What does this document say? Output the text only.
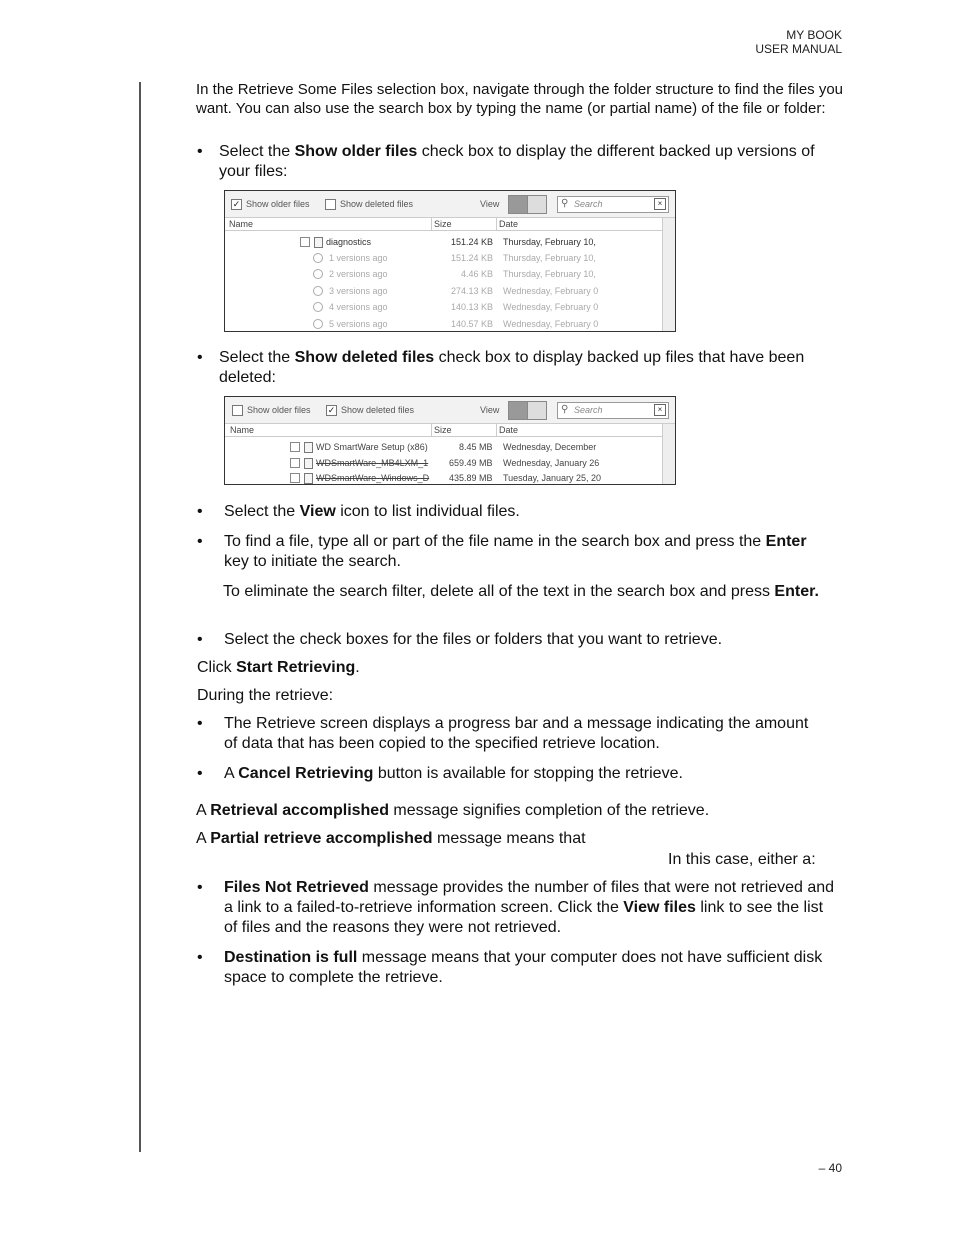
MY BOOK
USER MANUAL

In the Retrieve Some Files selection box, navigate through the folder structure to find the files you want. You can also use the search box by typing the name (or partial name) of the file or folder:

• Select the Show older files check box to display the different backed up versions of your files:
✓ Show older files	Show deleted files	View	⚲ Search	×
Name	Size	Date
diagnostics	151.24 KB Thursday, February 10,
1 versions ago	151.24 KB Thursday, February 10,
2 versions ago	4.46 KB Thursday, February 10,
3 versions ago	274.13 KB Wednesday, February 0
4 versions ago	140.13 KB Wednesday, February 0
5 versions ago	140.57 KB Wednesday, February 0
• Select the Show deleted files check box to display backed up files that have been deleted:
Show older files ✓ Show deleted files	View	⚲ Search	×
Name	Size	Date
WD SmartWare Setup (x86)	8.45 MB Wednesday, December
WDSmartWare_MB4LXM_1 659.49 MB Wednesday, January 26
WDSmartWare_Windows_D 435.89 MB Tuesday, January 25, 20
• Select the View icon to list individual files.
• To find a file, type all or part of the file name in the search box and press the Enter key to initiate the search.

To eliminate the search filter, delete all of the text in the search box and press Enter.

• Select the check boxes for the files or folders that you want to retrieve.

Click Start Retrieving.

During the retrieve:

• The Retrieve screen displays a progress bar and a message indicating the amount of data that has been copied to the specified retrieve location.
• A Cancel Retrieving button is available for stopping the retrieve.

A Retrieval accomplished message signifies completion of the retrieve.

A Partial retrieve accomplished message means that

In this case, either a:

• Files Not Retrieved message provides the number of files that were not retrieved and a link to a failed-to-retrieve information screen. Click the View files link to see the list of files and the reasons they were not retrieved.
• Destination is full message means that your computer does not have sufficient disk space to complete the retrieve.
– 40
